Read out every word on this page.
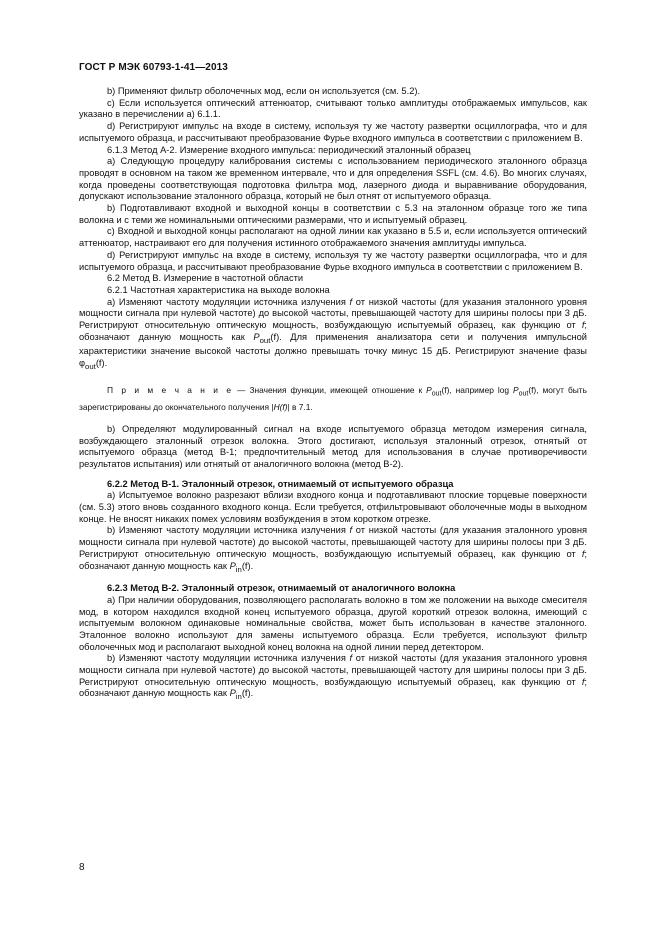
ГОСТ Р МЭК 60793-1-41—2013

b) Применяют фильтр оболочечных мод, если он используется (см. 5.2).

c) Если используется оптический аттенюатор, считывают только амплитуды отображаемых импульсов, как указано в перечислении а) 6.1.1.

d) Регистрируют импульс на входе в систему, используя ту же частоту развертки осциллографа, что и для испытуемого образца, и рассчитывают преобразование Фурье входного импульса в соответствии с приложением В.

6.1.3 Метод А-2. Измерение входного импульса: периодический эталонный образец

a) Следующую процедуру калибрования системы с использованием периодического эталонного образца проводят в основном на таком же временном интервале, что и для определения SSFL (см. 4.6). Во многих случаях, когда проведены соответствующая подготовка фильтра мод, лазерного диода и выравнивание оборудования, допускают использование эталонного образца, который не был отнят от испытуемого образца.

b) Подготавливают входной и выходной концы в соответствии с 5.3 на эталонном образце того же типа волокна и с теми же номинальными оптическими размерами, что и испытуемый образец.

c) Входной и выходной концы располагают на одной линии как указано в 5.5 и, если используется оптический аттенюатор, настраивают его для получения истинного отображаемого значения амплитуды импульса.

d) Регистрируют импульс на входе в систему, используя ту же частоту развертки осциллографа, что и для испытуемого образца, и рассчитывают преобразование Фурье входного импульса в соответствии с приложением В.

6.2 Метод В. Измерение в частотной области

6.2.1 Частотная характеристика на выходе волокна

a) Изменяют частоту модуляции источника излучения f от низкой частоты (для указания эталонного уровня мощности сигнала при нулевой частоте) до высокой частоты, превышающей частоту для ширины полосы при 3 дБ. Регистрируют относительную оптическую мощность, возбуждающую испытуемый образец, как функцию от f; обозначают данную мощность как $P_{out}(f)$. Для применения анализатора сети и получения импульсной характеристики значение высокой частоты должно превышать точку минус 15 дБ. Регистрируют значение фазы $\varphi_{out}(f)$.

П р и м е ч а н и е — Значения функции, имеющей отношение к $P_{out}(f)$, например $\log P_{out}(f)$, могут быть зарегистрированы до окончательного получения |H(f)| в 7.1.

b) Определяют модулированный сигнал на входе испытуемого образца методом измерения сигнала, возбуждающего эталонный отрезок волокна. Этого достигают, используя эталонный отрезок, отнятый от испытуемого образца (метод В-1; предпочтительный метод для использования в случае противоречивости результатов испытания) или отнятый от аналогичного волокна (метод В-2).

6.2.2 Метод В-1. Эталонный отрезок, отнимаемый от испытуемого образца

a) Испытуемое волокно разрезают вблизи входного конца и подготавливают плоские торцевые поверхности (см. 5.3) этого вновь созданного входного конца. Если требуется, отфильтровывают оболочечные моды в выходном конце. Не вносят никаких помех условиям возбуждения в этом коротком отрезке.

b) Изменяют частоту модуляции источника излучения f от низкой частоты (для указания эталонного уровня мощности сигнала при нулевой частоте) до высокой частоты, превышающей частоту для ширины полосы при 3 дБ. Регистрируют относительную оптическую мощность, возбуждающую испытуемый образец, как функцию от f; обозначают данную мощность как $P_{in}(f)$.

6.2.3 Метод В-2. Эталонный отрезок, отнимаемый от аналогичного волокна

a) При наличии оборудования, позволяющего располагать волокно в том же положении на выходе смесителя мод, в котором находился входной конец испытуемого образца, другой короткий отрезок волокна, имеющий с испытуемым волокном одинаковые номинальные свойства, может быть использован в качестве эталонного. Эталонное волокно используют для замены испытуемого образца. Если требуется, используют фильтр оболочечных мод и располагают выходной конец волокна на одной линии перед детектором.

b) Изменяют частоту модуляции источника излучения f от низкой частоты (для указания эталонного уровня мощности сигнала при нулевой частоте) до высокой частоты, превышающей частоту для ширины полосы при 3 дБ. Регистрируют относительную оптическую мощность, возбуждающую испытуемый образец, как функцию от f; обозначают данную мощность как $P_{in}(f)$.

8
